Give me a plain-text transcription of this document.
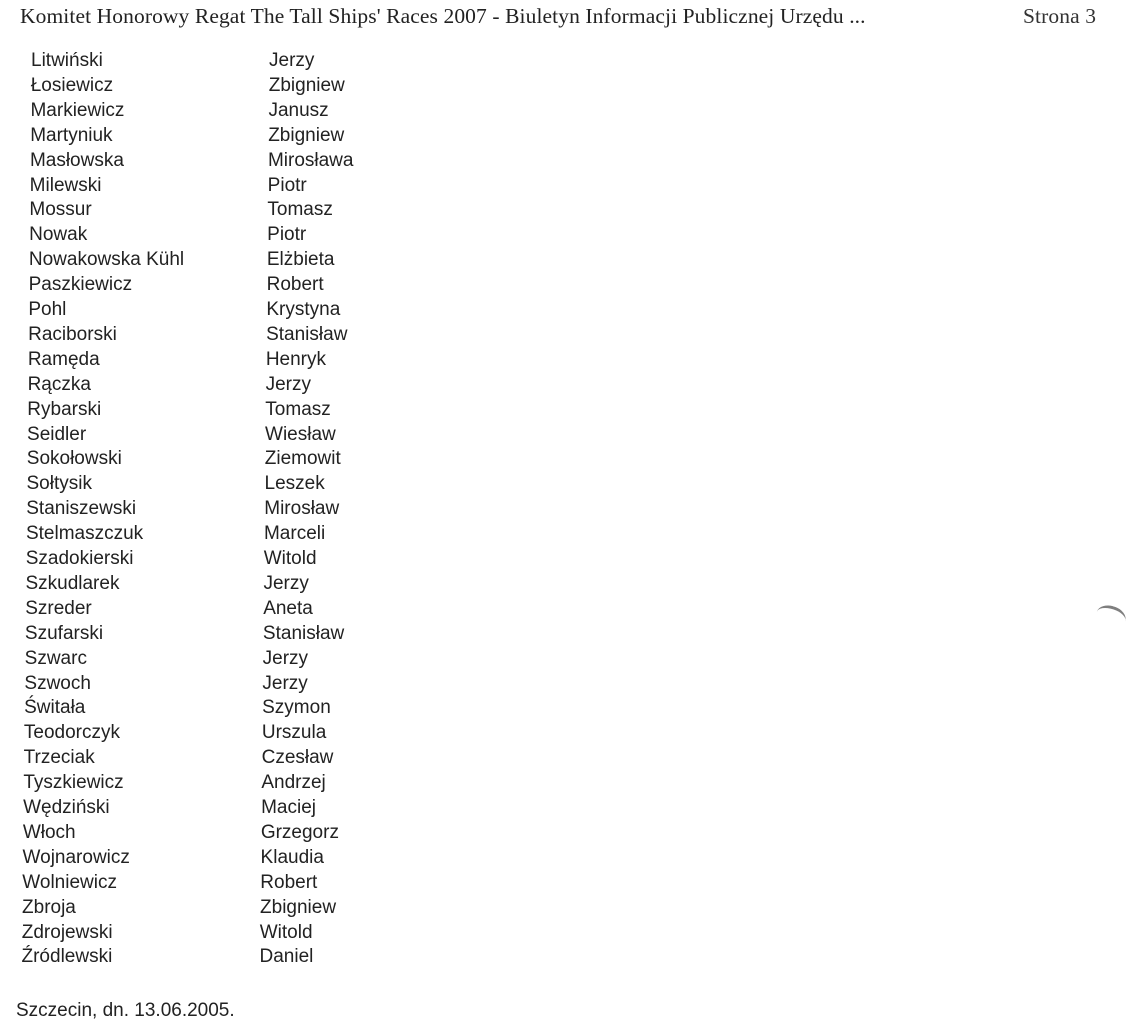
Komitet Honorowy Regat The Tall Ships' Races 2007 - Biuletyn Informacji Publicznej Urzędu ...	Strona 3
Litwiński	Jerzy
Łosiewicz	Zbigniew
Markiewicz	Janusz
Martyniuk	Zbigniew
Masłowska	Mirosława
Milewski	Piotr
Mossur	Tomasz
Nowak	Piotr
Nowakowska Kühl	Elżbieta
Paszkiewicz	Robert
Pohl	Krystyna
Raciborski	Stanisław
Ramęda	Henryk
Rączka	Jerzy
Rybarski	Tomasz
Seidler	Wiesław
Sokołowski	Ziemowit
Sołtysik	Leszek
Staniszewski	Mirosław
Stelmaszczuk	Marceli
Szadokierski	Witold
Szkudlarek	Jerzy
Szreder	Aneta
Szufarski	Stanisław
Szwarc	Jerzy
Szwoch	Jerzy
Świtała	Szymon
Teodorczyk	Urszula
Trzeciak	Czesław
Tyszkiewicz	Andrzej
Wędziński	Maciej
Włoch	Grzegorz
Wojnarowicz	Klaudia
Wolniewicz	Robert
Zbroja	Zbigniew
Zdrojewski	Witold
Źródlewski	Daniel
Szczecin, dn. 13.06.2005.
